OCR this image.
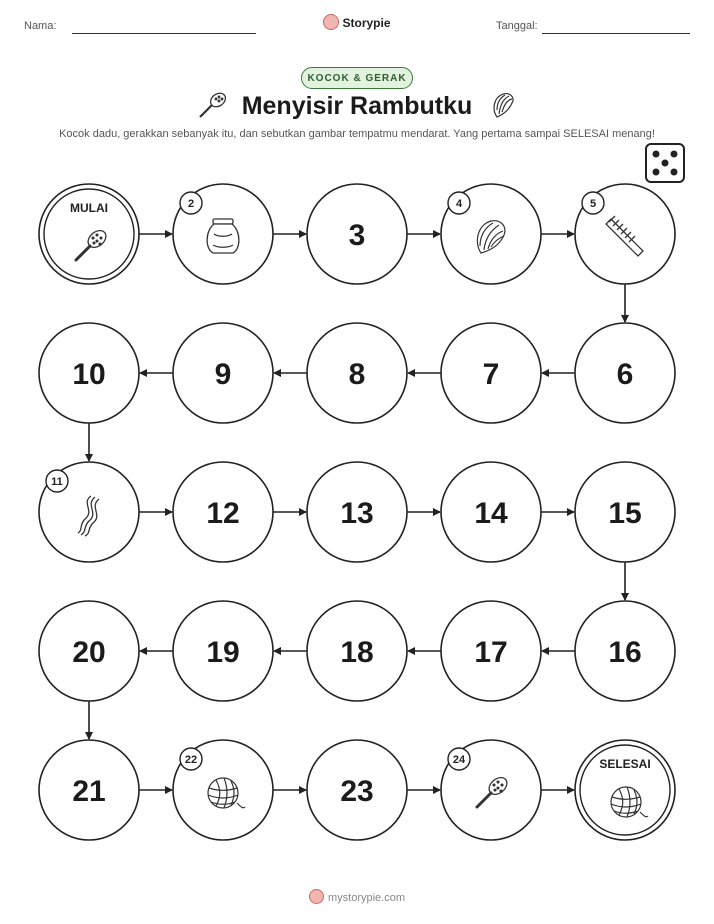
Nama:	Storypie	Tanggal:
KOCOK & GERAK
Menyisir Rambutku
Kocok dadu, gerakkan sebanyak itu, dan sebutkan gambar tempatmu mendarat. Yang pertama sampai SELESAI menang!
MULAI	2
3
4	5
6
7
8
9
10
11
12	13	14	15
16
17
18
19
20
21
22
23
24	SELESAI
mystorypie.com
